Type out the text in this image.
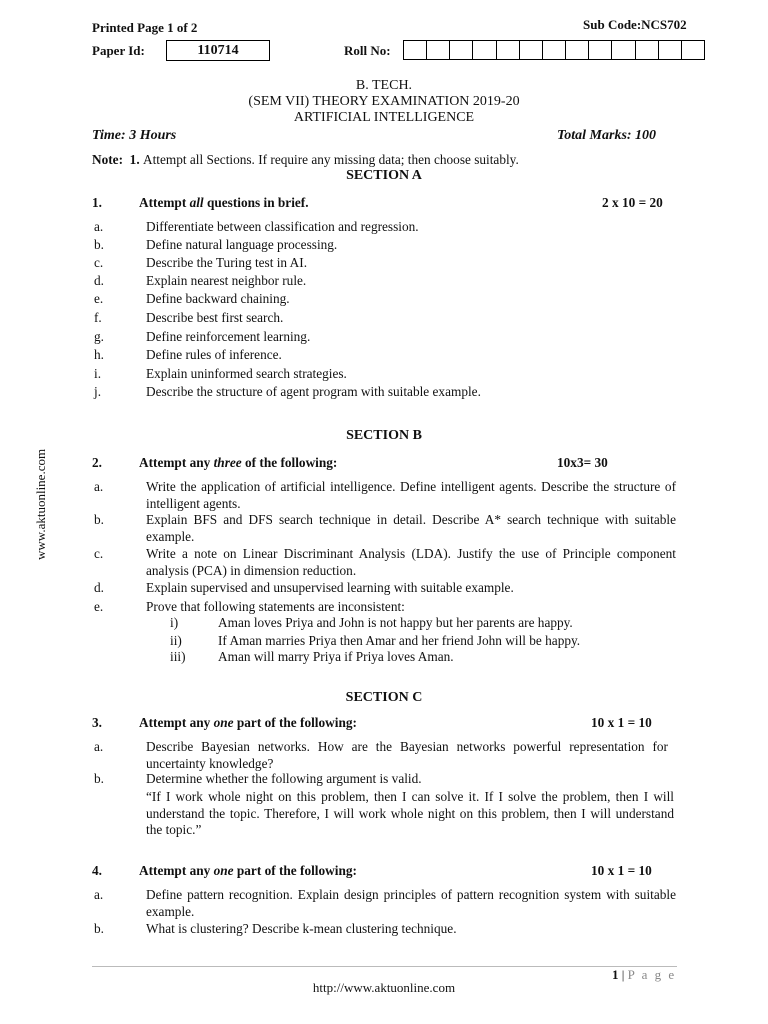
Printed Page 1 of 2	Sub Code:NCS702
Paper Id:	110714	Roll No:
B. TECH.
(SEM VII) THEORY EXAMINATION 2019-20
ARTIFICIAL INTELLIGENCE
Time: 3 Hours	Total Marks: 100
Note: 1. Attempt all Sections. If require any missing data; then choose suitably.
SECTION A
1.	Attempt all questions in brief.	2 x 10 = 20
a.	Differentiate between classification and regression.
b.	Define natural language processing.
c.	Describe the Turing test in AI.
d.	Explain nearest neighbor rule.
e.	Define backward chaining.
f.	Describe best first search.
g.	Define reinforcement learning.
h.	Define rules of inference.
i.	Explain uninformed search strategies.
j.	Describe the structure of agent program with suitable example.
SECTION B
2.	Attempt any three of the following:	10x3= 30
a.	Write the application of artificial intelligence. Define intelligent agents. Describe the structure of intelligent agents.
b.	Explain BFS and DFS search technique in detail. Describe A* search technique with suitable example.
c.	Write a note on Linear Discriminant Analysis (LDA). Justify the use of Principle component analysis (PCA) in dimension reduction.
d.	Explain supervised and unsupervised learning with suitable example.
e.	Prove that following statements are inconsistent:
i)	Aman loves Priya and John is not happy but her parents are happy.
ii)	If Aman marries Priya then Amar and her friend John will be happy.
iii) Aman will marry Priya if Priya loves Aman.
SECTION C
3.	Attempt any one part of the following:	10 x 1 = 10
a.	Describe Bayesian networks. How are the Bayesian networks powerful representation for uncertainty knowledge?
b.	Determine whether the following argument is valid.
“If I work whole night on this problem, then I can solve it. If I solve the problem, then I will understand the topic. Therefore, I will work whole night on this problem, then I will understand the topic.”
4.	Attempt any one part of the following:	10 x 1 = 10
a.	Define pattern recognition. Explain design principles of pattern recognition system with suitable example.
b.	What is clustering? Describe k-mean clustering technique.
www.aktuonline.com
1 | P a g e
http://www.aktuonline.com
